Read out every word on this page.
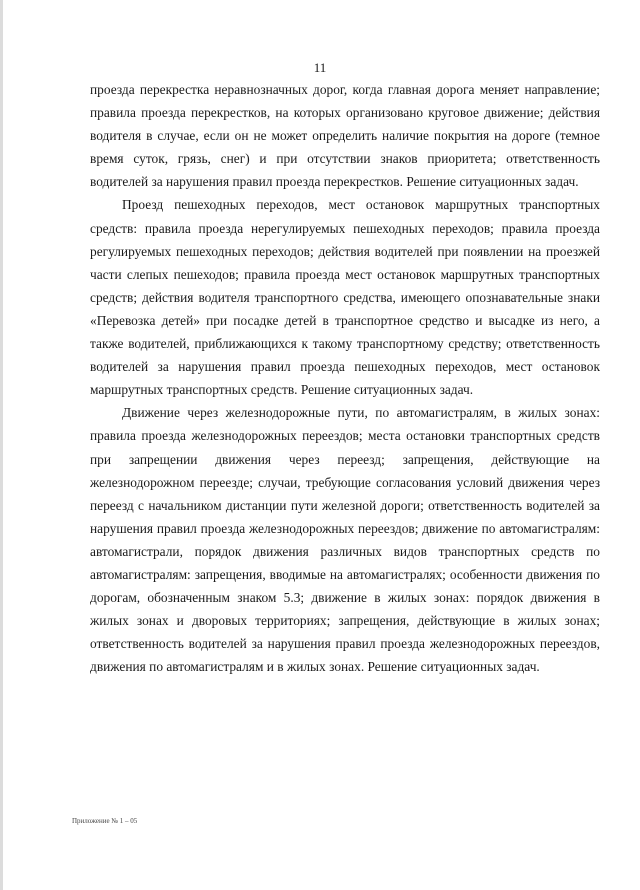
11

проезда перекрестка неравнозначных дорог, когда главная дорога меняет направление; правила проезда перекрестков, на которых организовано круговое движение; действия водителя в случае, если он не может определить наличие покрытия на дороге (темное время суток, грязь, снег) и при отсутствии знаков приоритета; ответственность водителей за нарушения правил проезда перекрестков. Решение ситуационных задач.

Проезд пешеходных переходов, мест остановок маршрутных транспортных средств: правила проезда нерегулируемых пешеходных переходов; правила проезда регулируемых пешеходных переходов; действия водителей при появлении на проезжей части слепых пешеходов; правила проезда мест остановок маршрутных транспортных средств; действия водителя транспортного средства, имеющего опознавательные знаки «Перевозка детей» при посадке детей в транспортное средство и высадке из него, а также водителей, приближающихся к такому транспортному средству; ответственность водителей за нарушения правил проезда пешеходных переходов, мест остановок маршрутных транспортных средств. Решение ситуационных задач.

Движение через железнодорожные пути, по автомагистралям, в жилых зонах: правила проезда железнодорожных переездов; места остановки транспортных средств при запрещении движения через переезд; запрещения, действующие на железнодорожном переезде; случаи, требующие согласования условий движения через переезд с начальником дистанции пути железной дороги; ответственность водителей за нарушения правил проезда железнодорожных переездов; движение по автомагистралям: автомагистрали, порядок движения различных видов транспортных средств по автомагистралям: запрещения, вводимые на автомагистралях; особенности движения по дорогам, обозначенным знаком 5.3; движение в жилых зонах: порядок движения в жилых зонах и дворовых территориях; запрещения, действующие в жилых зонах; ответственность водителей за нарушения правил проезда железнодорожных переездов, движения по автомагистралям и в жилых зонах. Решение ситуационных задач.

Приложение № 1 – 05
